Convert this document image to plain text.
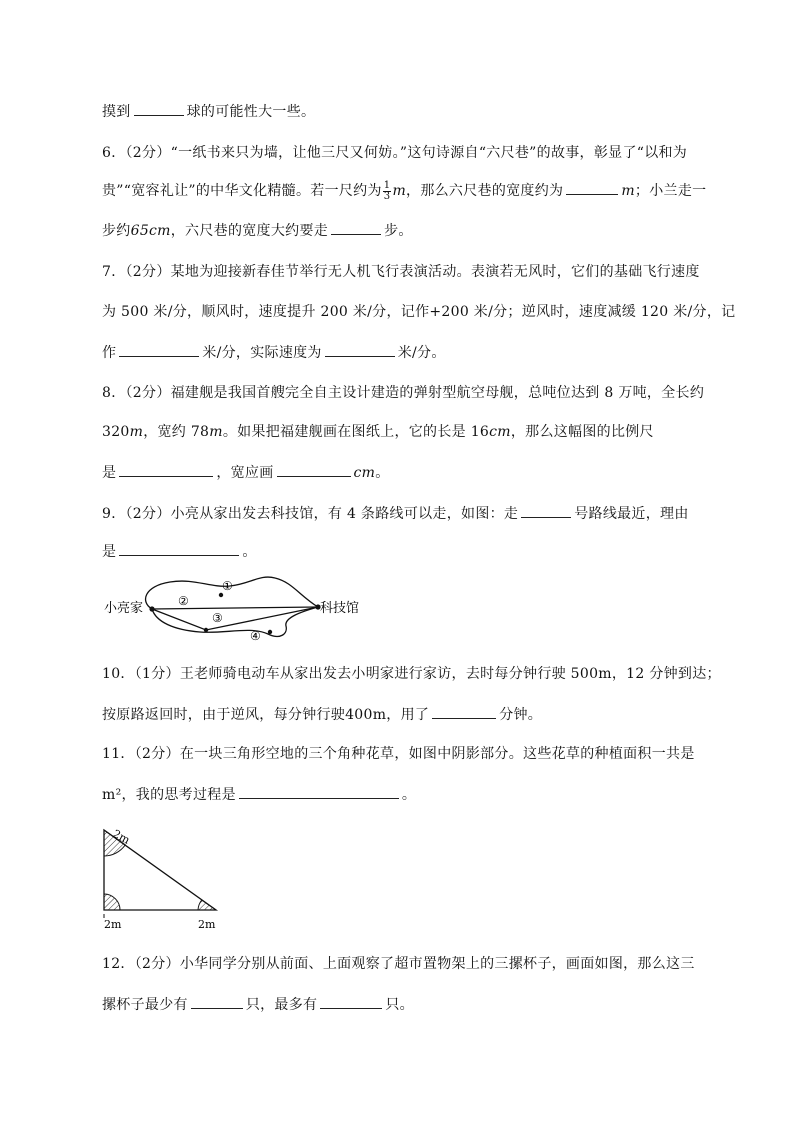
摸到	球的可能性大一些。
6．（2分）“一纸书来只为墙，让他三尺又何妨。”这句诗源自“六尺巷”的故事，彰显了“以和为
贵”“宽容礼让”的中华文化精髓。若一尺约为 $\frac{1}{3}$ m，那么六尺巷的宽度约为	m；小兰走一
步约65cm，六尺巷的宽度大约要走	步。
7．（2分）某地为迎接新春佳节举行无人机飞行表演活动。表演若无风时，它们的基础飞行速度
为 500 米/分，顺风时，速度提升 200 米/分，记作+200 米/分；逆风时，速度减缓 120 米/分，记
作	米/分，实际速度为	米/分。
8．（2分）福建舰是我国首艘完全自主设计建造的弹射型航空母舰，总吨位达到 8 万吨，全长约
320m，宽约 78m。如果把福建舰画在图纸上，它的长是 16cm，那么这幅图的比例尺
是	，宽应画	cm。
9．（2分）小亮从家出发去科技馆，有 4 条路线可以走，如图：走	号路线最近，理由
是	。
小亮家	科技馆
①
②
③
④
10．（1分）王老师骑电动车从家出发去小明家进行家访，去时每分钟行驶 500m，12 分钟到达；
按原路返回时，由于逆风，每分钟行驶400m，用了	分钟。
11．（2分）在一块三角形空地的三个角种花草，如图中阴影部分。这些花草的种植面积一共是
m²，我的思考过程是	。
2m
2m	2m
12．（2分）小华同学分别从前面、上面观察了超市置物架上的三摞杯子，画面如图，那么这三
摞杯子最少有	只，最多有	只。
